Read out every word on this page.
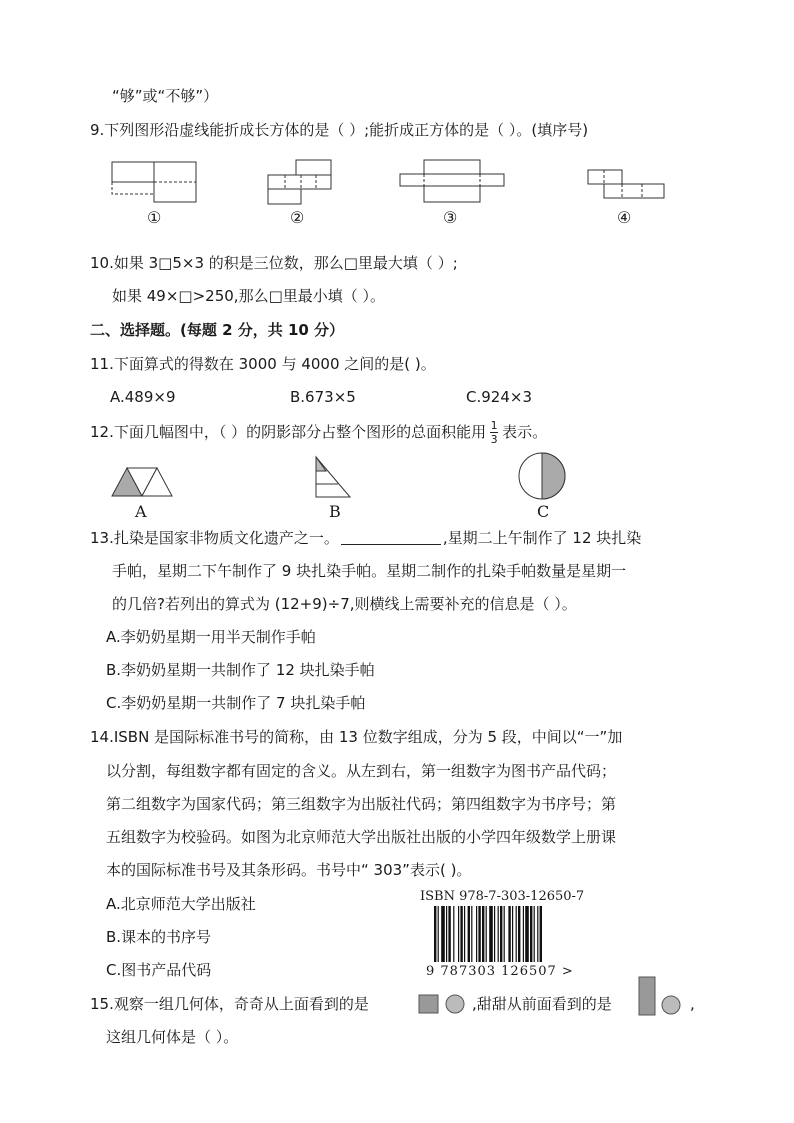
“够”或“不够”）
9.下列图形沿虚线能折成长方体的是（ ）;能折成正方体的是（ ）。(填序号)
①	②	③	④
10.如果 3□5×3 的积是三位数，那么□里最大填（ ）;
如果 49×□>250,那么□里最小填（ ）。
二、选择题。(每题 2 分，共 10 分）
11.下面算式的得数在 3000 与 4000 之间的是( )。
A.489×9	B.673×5	C.924×3
12.下面几幅图中，（ ）的阴影部分占整个图形的总面积能用 $\frac{1}{3}$ 表示。
A	B	C
13.扎染是国家非物质文化遗产之一。	,星期二上午制作了 12 块扎染
手帕，星期二下午制作了 9 块扎染手帕。星期二制作的扎染手帕数量是星期一
的几倍?若列出的算式为 (12+9)÷7,则横线上需要补充的信息是（ ）。
A.李奶奶星期一用半天制作手帕
B.李奶奶星期一共制作了 12 块扎染手帕
C.李奶奶星期一共制作了 7 块扎染手帕
14.ISBN 是国际标准书号的简称，由 13 位数字组成，分为 5 段，中间以“一”加
以分割，每组数字都有固定的含义。从左到右，第一组数字为图书产品代码；
第二组数字为国家代码；第三组数字为出版社代码；第四组数字为书序号；第
五组数字为校验码。如图为北京师范大学出版社出版的小学四年级数学上册课
本的国际标准书号及其条形码。书号中“ 303”表示( )。
A.北京师范大学出版社
B.课本的书序号
C.图书产品代码
ISBN 978-7-303-12650-7
9 787303 126507 >
15.观察一组几何体，奇奇从上面看到的是	,甜甜从前面看到的是	,
这组几何体是（ ）。
